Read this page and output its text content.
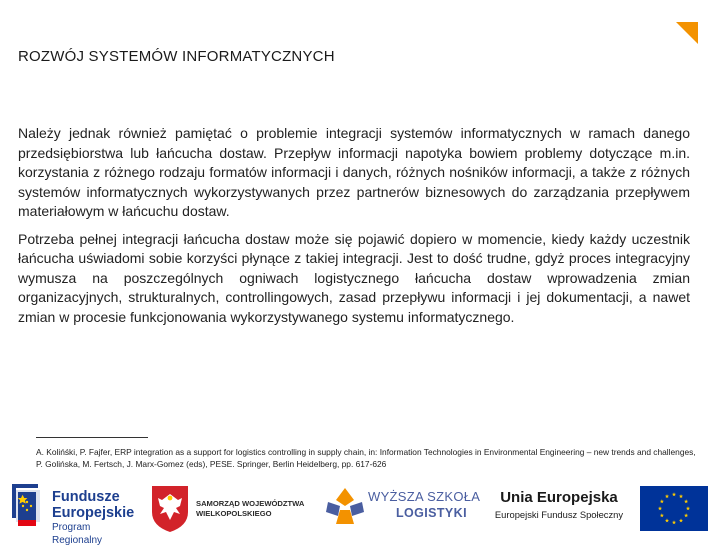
ROZWÓJ SYSTEMÓW INFORMATYCZNYCH

Należy jednak również pamiętać o problemie integracji systemów informatycznych w ramach danego przedsiębiorstwa lub łańcucha dostaw. Przepływ informacji napotyka bowiem problemy dotyczące m.in. korzystania z różnego rodzaju formatów informacji i danych, różnych nośników informacji, a także z różnych systemów informatycznych wykorzystywanych przez partnerów biznesowych do zarządzania przepływem materiałowym w łańcuchu dostaw.

Potrzeba pełnej integracji łańcucha dostaw może się pojawić dopiero w momencie, kiedy każdy uczestnik łańcucha uświadomi sobie korzyści płynące z takiej integracji. Jest to dość trudne, gdyż proces integracyjny wymusza na poszczególnych ogniwach logistycznego łańcucha dostaw wprowadzenia zmian organizacyjnych, strukturalnych, controllingowych, zasad przepływu informacji i jej dokumentacji, a nawet zmian w procesie funkcjonowania wykorzystywanego systemu informatycznego.

A. Kolińśki, P. Fajfer, ERP integration as a support for logistics controlling in supply chain, in: Information Technologies in Environmental Engineering – new trends and challenges, P. Golińska, M. Fertsch, J. Marx-Gomez (eds), PESE. Springer, Berlin Heidelberg, pp. 617-626
Fundusze
Europejskie
Program Regionalny
SAMORZĄD WOJEWÓDZTWA
WIELKOPOLSKIEGO
WYŻSZA SZKOŁA
LOGISTYKI
Unia Europejska
Europejski Fundusz Społeczny
